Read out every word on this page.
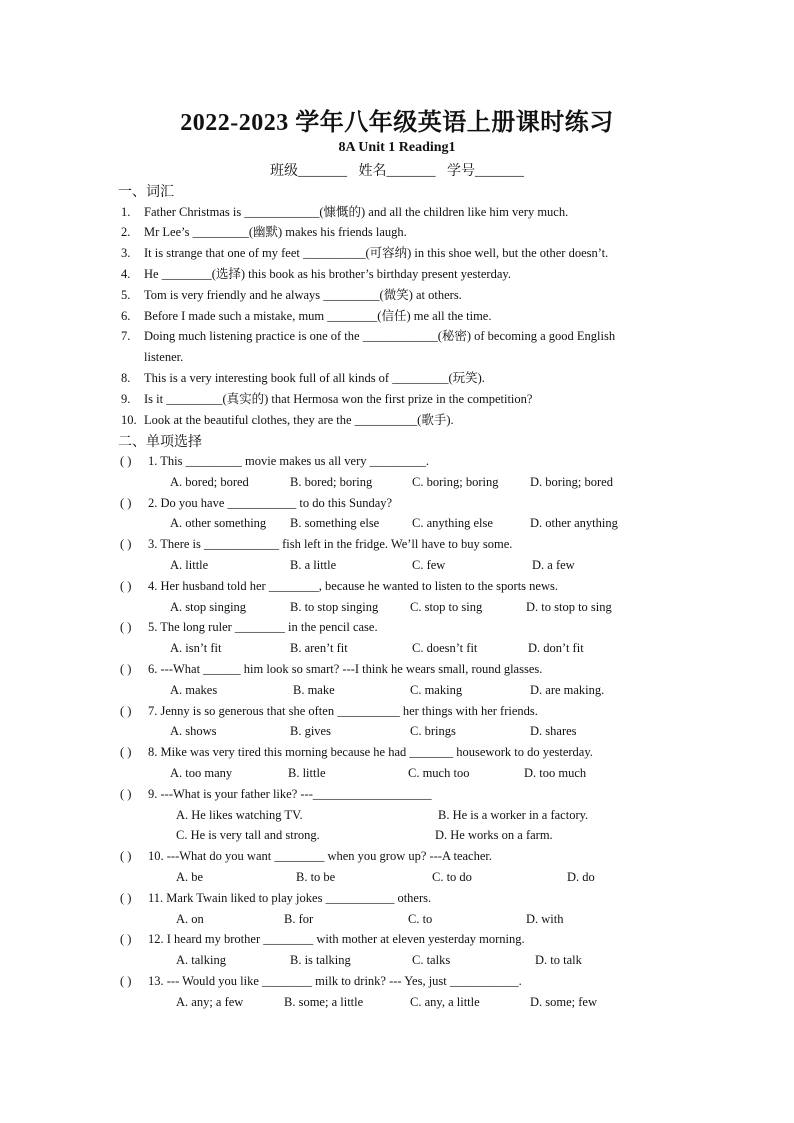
2022-2023 学年八年级英语上册课时练习
8A Unit 1 Reading1
班级_______ 姓名_______ 学号_______
一、词汇
1. Father Christmas is ____________(慷慨的) and all the children like him very much.
2. Mr Lee’s _________(幽默) makes his friends laugh.
3. It is strange that one of my feet __________(可容纳) in this shoe well, but the other doesn’t.
4. He ________(选择) this book as his brother’s birthday present yesterday.
5. Tom is very friendly and he always _________(微笑) at others.
6. Before I made such a mistake, mum ________(信任) me all the time.
7. Doing much listening practice is one of the ____________(秘密) of becoming a good English
listener.
8. This is a very interesting book full of all kinds of _________(玩笑).
9. Is it _________(真实的) that Hermosa won the first prize in the competition?
10. Look at the beautiful clothes, they are the __________(歌手).
二、单项选择
( ) 1. This _________ movie makes us all very _________.
A. bored; bored	B. bored; boring	C. boring; boring	D. boring; bored
( ) 2. Do you have ___________ to do this Sunday?
A. other something B. something else	C. anything else	D. other anything
( ) 3. There is ____________ fish left in the fridge. We’ll have to buy some.
A. little	B. a little	C. few	D. a few
( ) 4. Her husband told her ________, because he wanted to listen to the sports news.
A. stop singing	B. to stop singing	C. stop to sing	D. to stop to sing
( ) 5. The long ruler ________ in the pencil case.
A. isn’t fit	B. aren’t fit	C. doesn’t fit	D. don’t fit
( ) 6. ---What ______ him look so smart? ---I think he wears small, round glasses.
A. makes	B. make	C. making	D. are making.
( ) 7. Jenny is so generous that she often __________ her things with her friends.
A. shows	B. gives	C. brings	D. shares
( ) 8. Mike was very tired this morning because he had _______ housework to do yesterday.
A. too many	B. little	C. much too	D. too much
( ) 9. ---What is your father like? ---___________________
A. He likes watching TV.	B. He is a worker in a factory.
C. He is very tall and strong.	D. He works on a farm.
( ) 10. ---What do you want ________ when you grow up? ---A teacher.
A. be	B. to be	C. to do	D. do
( ) 11. Mark Twain liked to play jokes ___________ others.
A. on	B. for	C. to	D. with
( ) 12. I heard my brother ________ with mother at eleven yesterday morning.
A. talking	B. is talking	C. talks	D. to talk
( ) 13. --- Would you like ________ milk to drink? --- Yes, just ___________.
A. any; a few	B. some; a little	C. any, a little	D. some; few
